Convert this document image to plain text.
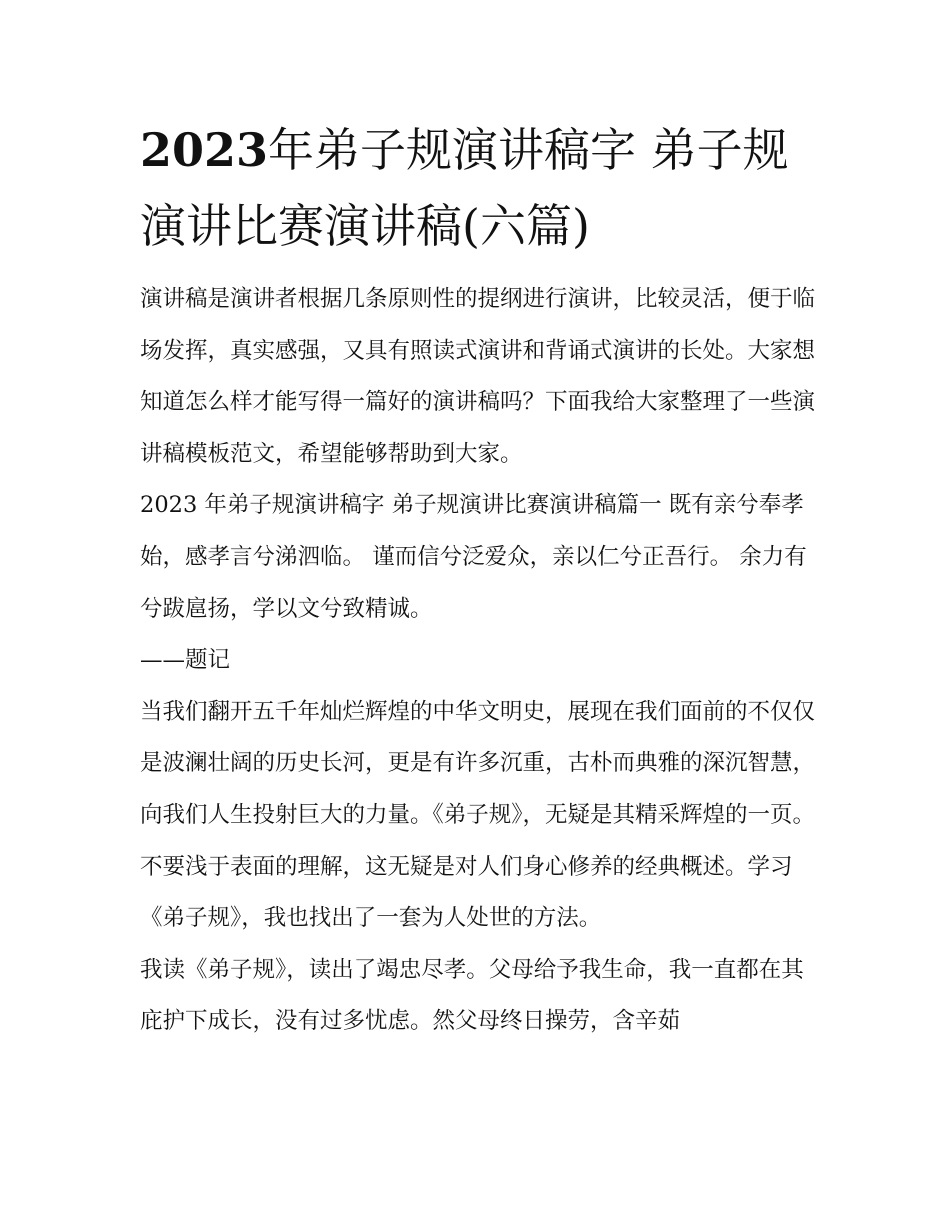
2023年弟子规演讲稿字 弟子规演讲比赛演讲稿(六篇)

演讲稿是演讲者根据几条原则性的提纲进行演讲，比较灵活，便于临场发挥，真实感强，又具有照读式演讲和背诵式演讲的长处。大家想知道怎么样才能写得一篇好的演讲稿吗？下面我给大家整理了一些演讲稿模板范文，希望能够帮助到大家。

2023 年弟子规演讲稿字 弟子规演讲比赛演讲稿篇一 既有亲兮奉孝始，感孝言兮涕泗临。 谨而信兮泛爱众，亲以仁兮正吾行。 余力有兮跋扈扬，学以文兮致精诚。

——题记

当我们翻开五千年灿烂辉煌的中华文明史，展现在我们面前的不仅仅是波澜壮阔的历史长河，更是有许多沉重，古朴而典雅的深沉智慧，向我们人生投射巨大的力量。《弟子规》，无疑是其精采辉煌的一页。

不要浅于表面的理解，这无疑是对人们身心修养的经典概述。学习《弟子规》，我也找出了一套为人处世的方法。

我读《弟子规》，读出了竭忠尽孝。父母给予我生命，我一直都在其庇护下成长，没有过多忧虑。然父母终日操劳，含辛茹
